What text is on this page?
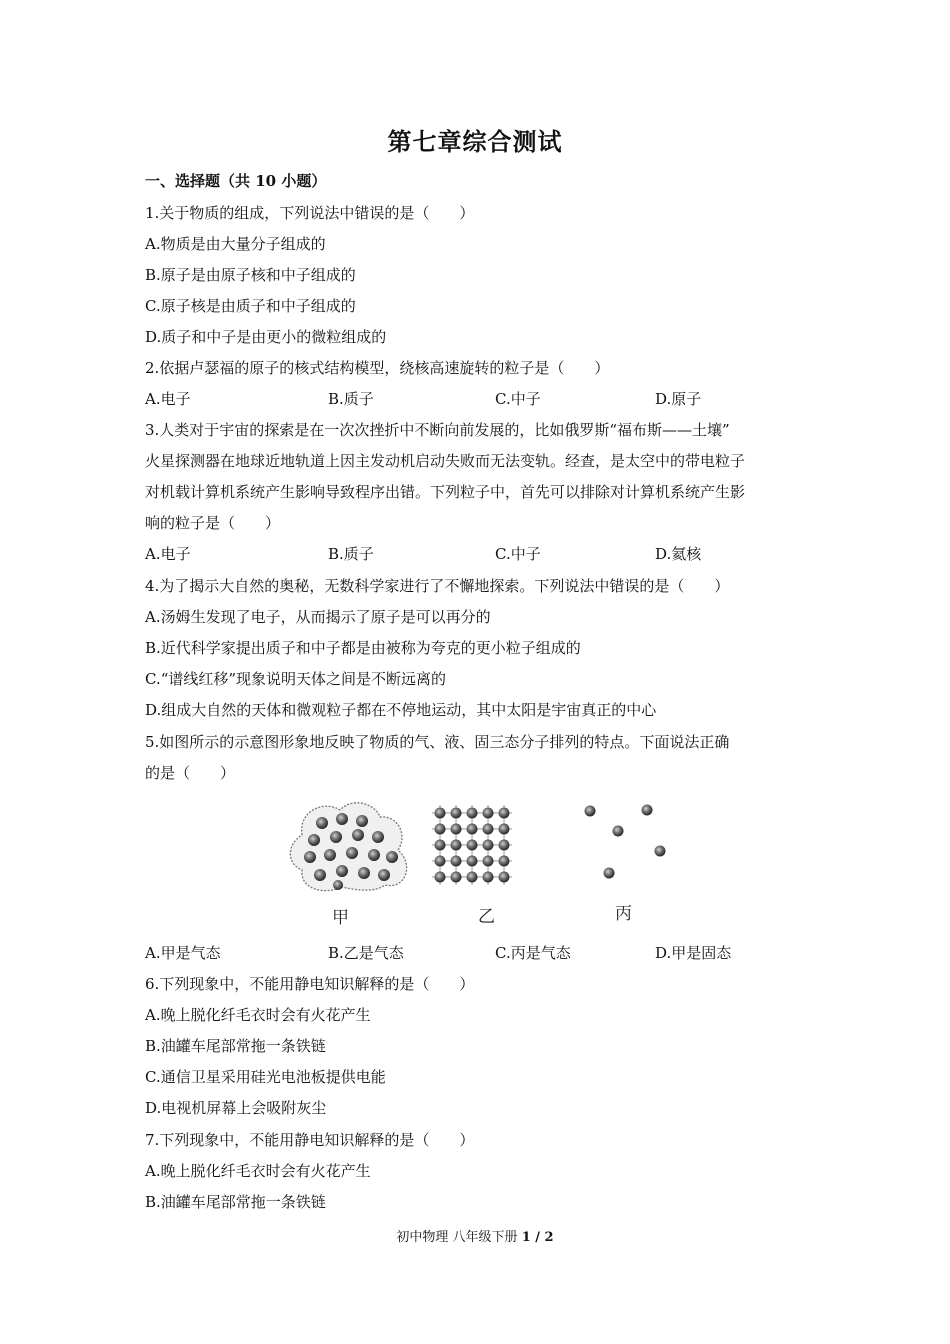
第七章综合测试
一、选择题（共 10 小题）
1.关于物质的组成，下列说法中错误的是（　　）
A.物质是由大量分子组成的
B.原子是由原子核和中子组成的
C.原子核是由质子和中子组成的
D.质子和中子是由更小的微粒组成的
2.依据卢瑟福的原子的核式结构模型，绕核高速旋转的粒子是（　　）
A.电子	B.质子	C.中子	D.原子
3.人类对于宇宙的探索是在一次次挫折中不断向前发展的，比如俄罗斯“福布斯——土壤”
火星探测器在地球近地轨道上因主发动机启动失败而无法变轨。经查，是太空中的带电粒子
对机载计算机系统产生影响导致程序出错。下列粒子中，首先可以排除对计算机系统产生影
响的粒子是（　　）
A.电子	B.质子	C.中子	D.氦核
4.为了揭示大自然的奥秘，无数科学家进行了不懈地探索。下列说法中错误的是（　　）
A.汤姆生发现了电子，从而揭示了原子是可以再分的
B.近代科学家提出质子和中子都是由被称为夸克的更小粒子组成的
C.“谱线红移”现象说明天体之间是不断远离的
D.组成大自然的天体和微观粒子都在不停地运动，其中太阳是宇宙真正的中心
5.如图所示的示意图形象地反映了物质的气、液、固三态分子排列的特点。下面说法正确
的是（　　）
甲	乙	丙
A.甲是气态	B.乙是气态	C.丙是气态	D.甲是固态
6.下列现象中，不能用静电知识解释的是（　　）
A.晚上脱化纤毛衣时会有火花产生
B.油罐车尾部常拖一条铁链
C.通信卫星采用硅光电池板提供电能
D.电视机屏幕上会吸附灰尘
7.下列现象中，不能用静电知识解释的是（　　）
A.晚上脱化纤毛衣时会有火花产生
B.油罐车尾部常拖一条铁链
初中物理 八年级下册 1 / 2
